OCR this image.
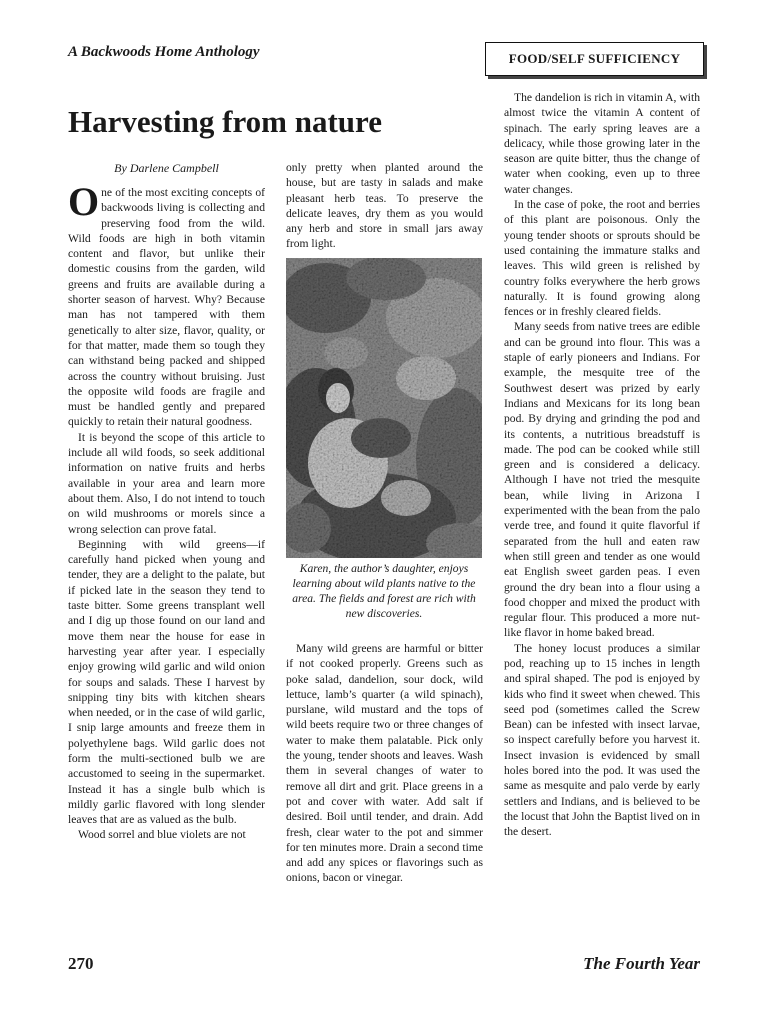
A Backwoods Home Anthology	FOOD/SELF SUFFICIENCY
Harvesting from nature
By Darlene Campbell

One of the most exciting concepts of backwoods living is collecting and preserving food from the wild. Wild foods are high in both vitamin content and flavor, but unlike their domestic cousins from the garden, wild greens and fruits are available during a shorter season of harvest. Why? Because man has not tampered with them genetically to alter size, flavor, quality, or for that matter, made them so tough they can withstand being packed and shipped across the country without bruising. Just the opposite wild foods are fragile and must be handled gently and prepared quickly to retain their natural goodness.

It is beyond the scope of this article to include all wild foods, so seek additional information on native fruits and herbs available in your area and learn more about them. Also, I do not intend to touch on wild mushrooms or morels since a wrong selection can prove fatal.

Beginning with wild greens—if carefully hand picked when young and tender, they are a delight to the palate, but if picked late in the season they tend to taste bitter. Some greens transplant well and I dig up those found on our land and move them near the house for ease in harvesting year after year. I especially enjoy growing wild garlic and wild onion for soups and salads. These I harvest by snipping tiny bits with kitchen shears when needed, or in the case of wild garlic, I snip large amounts and freeze them in polyethylene bags. Wild garlic does not form the multi-sectioned bulb we are accustomed to seeing in the supermarket. Instead it has a single bulb which is mildly garlic flavored with long slender leaves that are as valued as the bulb.

Wood sorrel and blue violets are not

only pretty when planted around the house, but are tasty in salads and make pleasant herb teas. To preserve the delicate leaves, dry them as you would any herb and store in small jars away from light.

Karen, the author’s daughter, enjoys learning about wild plants native to the area. The fields and forest are rich with new discoveries.

Many wild greens are harmful or bitter if not cooked properly. Greens such as poke salad, dandelion, sour dock, wild lettuce, lamb’s quarter (a wild spinach), purslane, wild mustard and the tops of wild beets require two or three changes of water to make them palatable. Pick only the young, tender shoots and leaves. Wash them in several changes of water to remove all dirt and grit. Place greens in a pot and cover with water. Add salt if desired. Boil until tender, and drain. Add fresh, clear water to the pot and simmer for ten minutes more. Drain a second time and add any spices or flavorings such as onions, bacon or vinegar.

The dandelion is rich in vitamin A, with almost twice the vitamin A content of spinach. The early spring leaves are a delicacy, while those growing later in the season are quite bitter, thus the change of water when cooking, even up to three water changes.

In the case of poke, the root and berries of this plant are poisonous. Only the young tender shoots or sprouts should be used containing the immature stalks and leaves. This wild green is relished by country folks everywhere the herb grows naturally. It is found growing along fences or in freshly cleared fields.

Many seeds from native trees are edible and can be ground into flour. This was a staple of early pioneers and Indians. For example, the mesquite tree of the Southwest desert was prized by early Indians and Mexicans for its long bean pod. By drying and grinding the pod and its contents, a nutritious breadstuff is made. The pod can be cooked while still green and is considered a delicacy. Although I have not tried the mesquite bean, while living in Arizona I experimented with the bean from the palo verde tree, and found it quite flavorful if separated from the hull and eaten raw when still green and tender as one would eat English sweet garden peas. I even ground the dry bean into a flour using a food chopper and mixed the product with regular flour. This produced a more nut-like flavor in home baked bread.

The honey locust produces a similar pod, reaching up to 15 inches in length and spiral shaped. The pod is enjoyed by kids who find it sweet when chewed. This seed pod (sometimes called the Screw Bean) can be infested with insect larvae, so inspect carefully before you harvest it. Insect invasion is evidenced by small holes bored into the pod. It was used the same as mesquite and palo verde by early settlers and Indians, and is believed to be the locust that John the Baptist lived on in the desert.

270	The Fourth Year
